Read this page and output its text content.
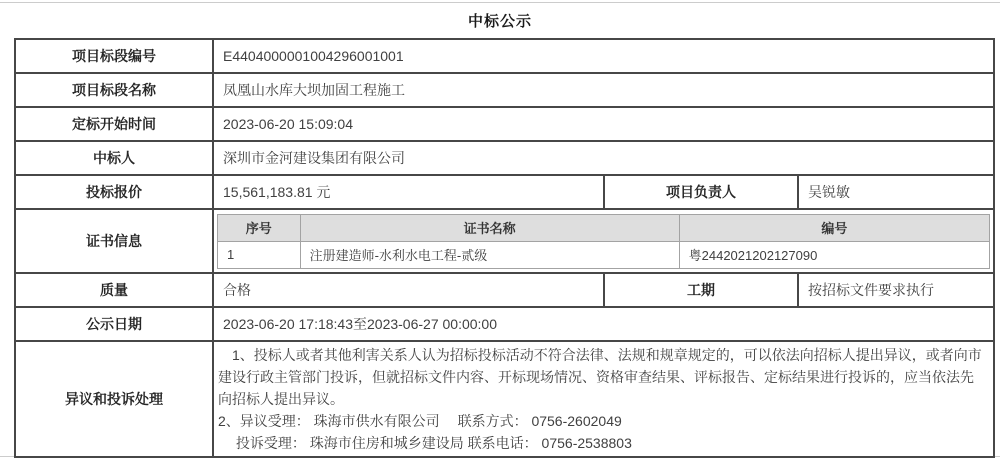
中标公示
项目标段编号	E4404000001004296001001
项目标段名称	凤凰山水库大坝加固工程施工
定标开始时间	2023-06-20 15:09:04
中标人	深圳市金河建设集团有限公司
投标报价	15,561,183.81 元	项目负责人	吴锐敏
证书信息	
序号	证书名称	编号
1	注册建造师-水利水电工程-贰级	粤2442021202127090

质量	合格	工期	按招标文件要求执行
公示日期	2023-06-20 17:18:43至2023-06-27 00:00:00
异议和投诉处理	
　1、投标人或者其他利害关系人认为招标投标活动不符合法律、法规和规章规定的，可以依法向招标人提出异议，或者向市建设行政主管部门投诉，但就招标文件内容、开标现场情况、资格审查结果、评标报告、定标结果进行投诉的，应当依法先向招标人提出异议。
2、异议受理： 珠海市供水有限公司　 联系方式： 0756-2602049
　 投诉受理： 珠海市住房和城乡建设局 联系电话： 0756-2538803
